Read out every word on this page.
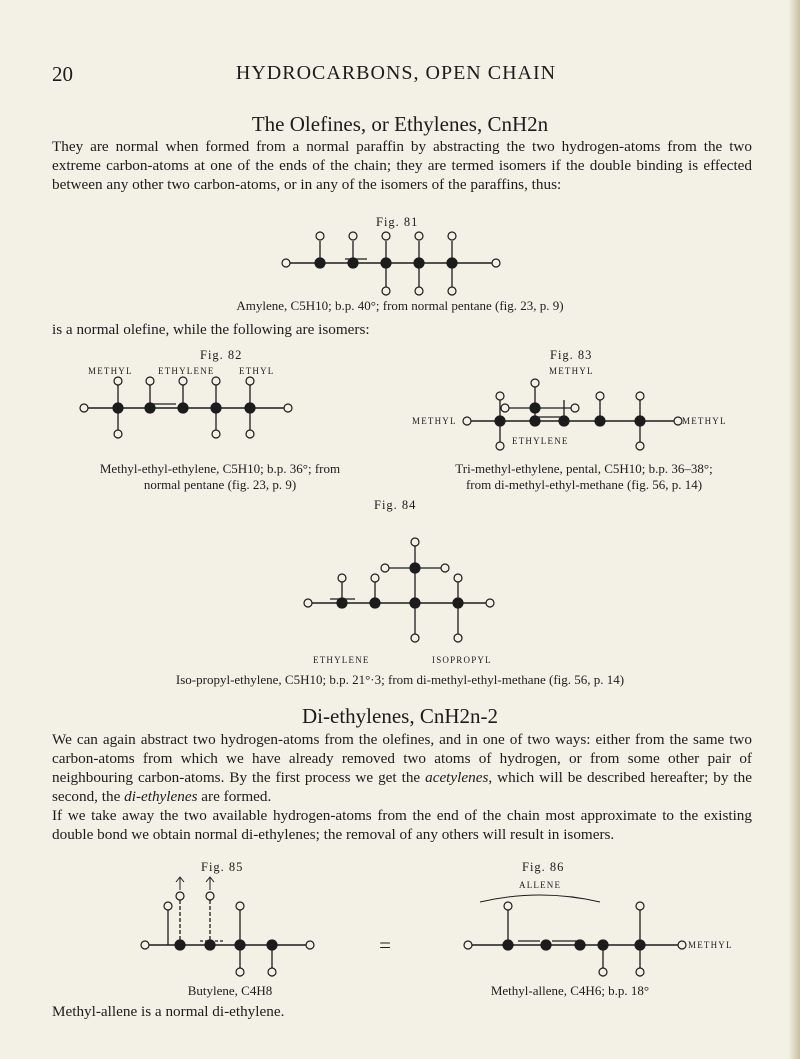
20	HYDROCARBONS, OPEN CHAIN
The Olefines, or Ethylenes, CnH2n

They are normal when formed from a normal paraffin by abstracting the two hydrogen-atoms from the two extreme carbon-atoms at one of the ends of the chain; they are termed isomers if the double binding is effected between any other two carbon-atoms, or in any of the isomers of the paraffins, thus:

Fig. 81
Amylene, C5H10; b.p. 40°; from normal pentane (fig. 23, p. 9)

is a normal olefine, while the following are isomers:

Fig. 82
METHYL	ETHYLENE	ETHYL
Methyl-ethyl-ethylene, C5H10; b.p. 36°; from
normal pentane (fig. 23, p. 9)
Fig. 83
METHYL
METHYL
ETHYLENE
METHYL
Tri-methyl-ethylene, pental, C5H10; b.p. 36–38°;
from di-methyl-ethyl-methane (fig. 56, p. 14)
Fig. 84
ETHYLENE	ISOPROPYL
Iso-propyl-ethylene, C5H10; b.p. 21°·3; from di-methyl-ethyl-methane (fig. 56, p. 14)
Di-ethylenes, CnH2n-2

We can again abstract two hydrogen-atoms from the olefines, and in one of two ways: either from the same two carbon-atoms from which we have already removed two atoms of hydrogen, or from some other pair of neighbouring carbon-atoms. By the first process we get the acetylenes, which will be described hereafter; by the second, the di-ethylenes are formed.

If we take away the two available hydrogen-atoms from the end of the chain most approximate to the existing double bond we obtain normal di-ethylenes; the removal of any others will result in isomers.

Fig. 85
Butylene, C4H8
=
Fig. 86
ALLENE
METHYL
Methyl-allene, C4H6; b.p. 18°

Methyl-allene is a normal di-ethylene.
